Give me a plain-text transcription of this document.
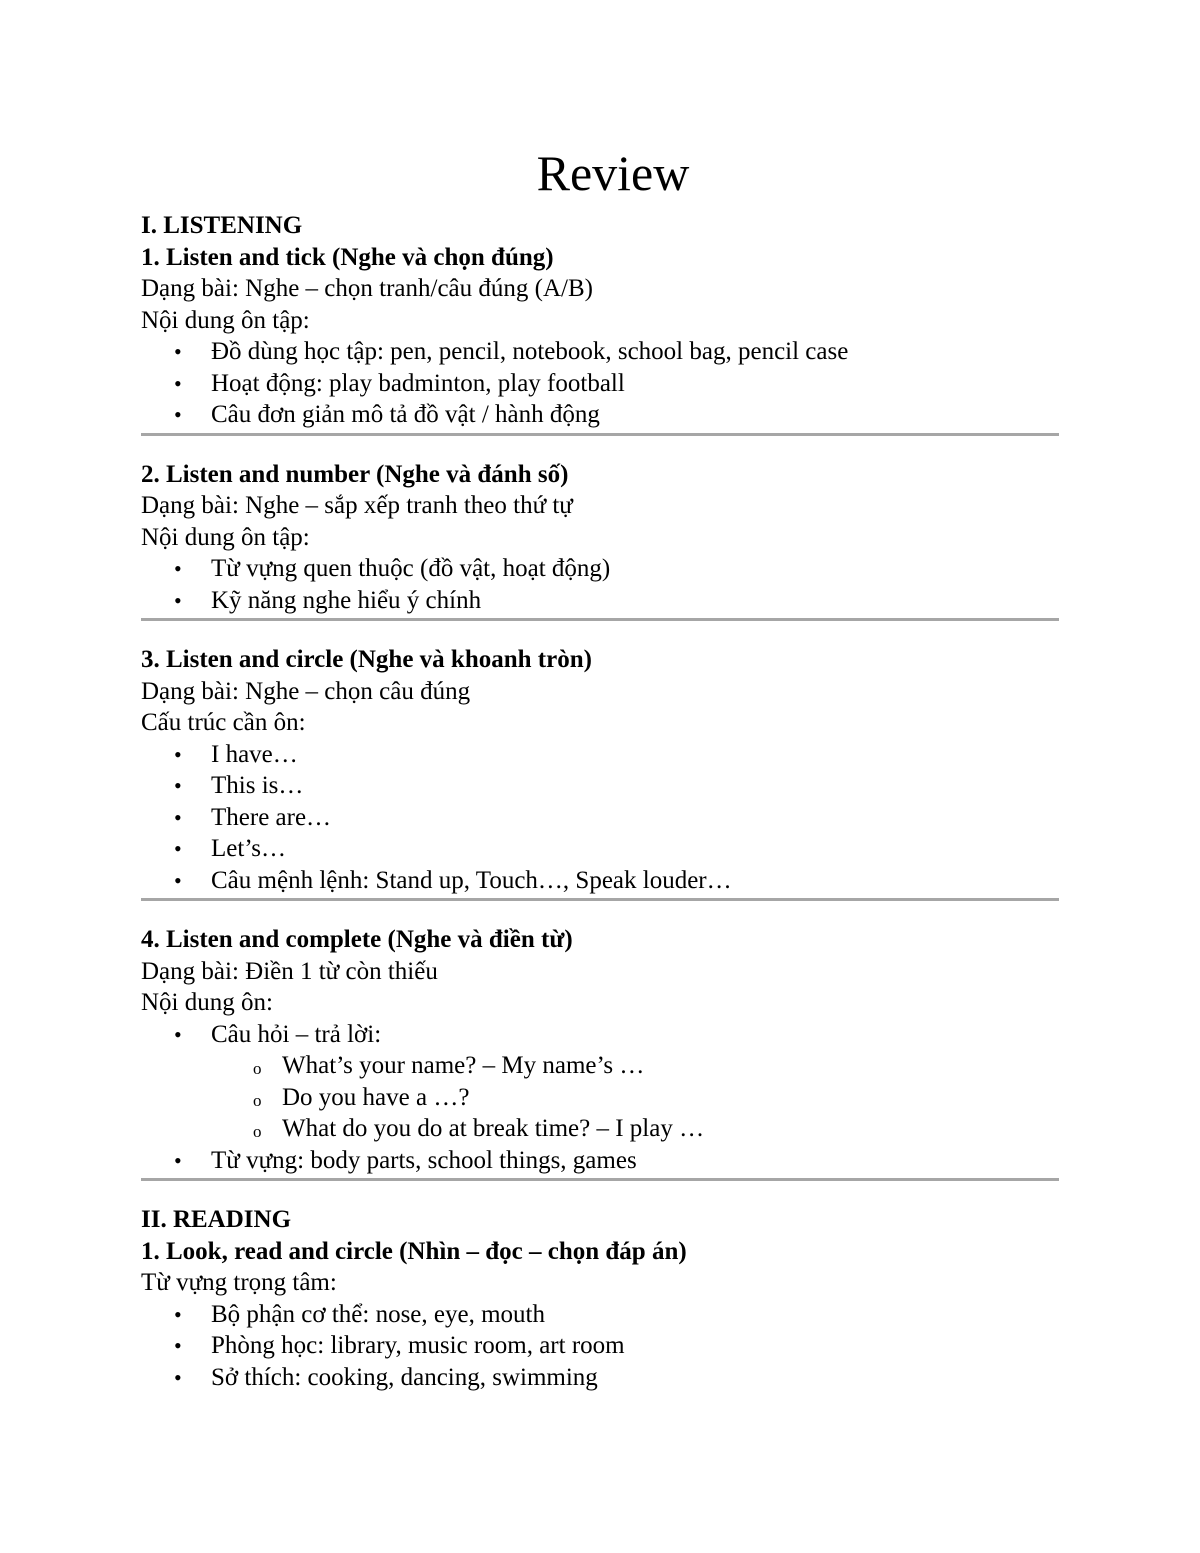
Review
I. LISTENING
1. Listen and tick (Nghe và chọn đúng)
Dạng bài: Nghe – chọn tranh/câu đúng (A/B)
Nội dung ôn tập:
• Đồ dùng học tập: pen, pencil, notebook, school bag, pencil case
• Hoạt động: play badminton, play football
• Câu đơn giản mô tả đồ vật / hành động
2. Listen and number (Nghe và đánh số)
Dạng bài: Nghe – sắp xếp tranh theo thứ tự
Nội dung ôn tập:
• Từ vựng quen thuộc (đồ vật, hoạt động)
• Kỹ năng nghe hiểu ý chính
3. Listen and circle (Nghe và khoanh tròn)
Dạng bài: Nghe – chọn câu đúng
Cấu trúc cần ôn:
• I have…
• This is…
• There are…
• Let’s…
• Câu mệnh lệnh: Stand up, Touch…, Speak louder…
4. Listen and complete (Nghe và điền từ)
Dạng bài: Điền 1 từ còn thiếu
Nội dung ôn:
• Câu hỏi – trả lời:
o What’s your name? – My name’s …
o Do you have a …?
o What do you do at break time? – I play …
• Từ vựng: body parts, school things, games
II. READING
1. Look, read and circle (Nhìn – đọc – chọn đáp án)
Từ vựng trọng tâm:
• Bộ phận cơ thể: nose, eye, mouth
• Phòng học: library, music room, art room
• Sở thích: cooking, dancing, swimming
